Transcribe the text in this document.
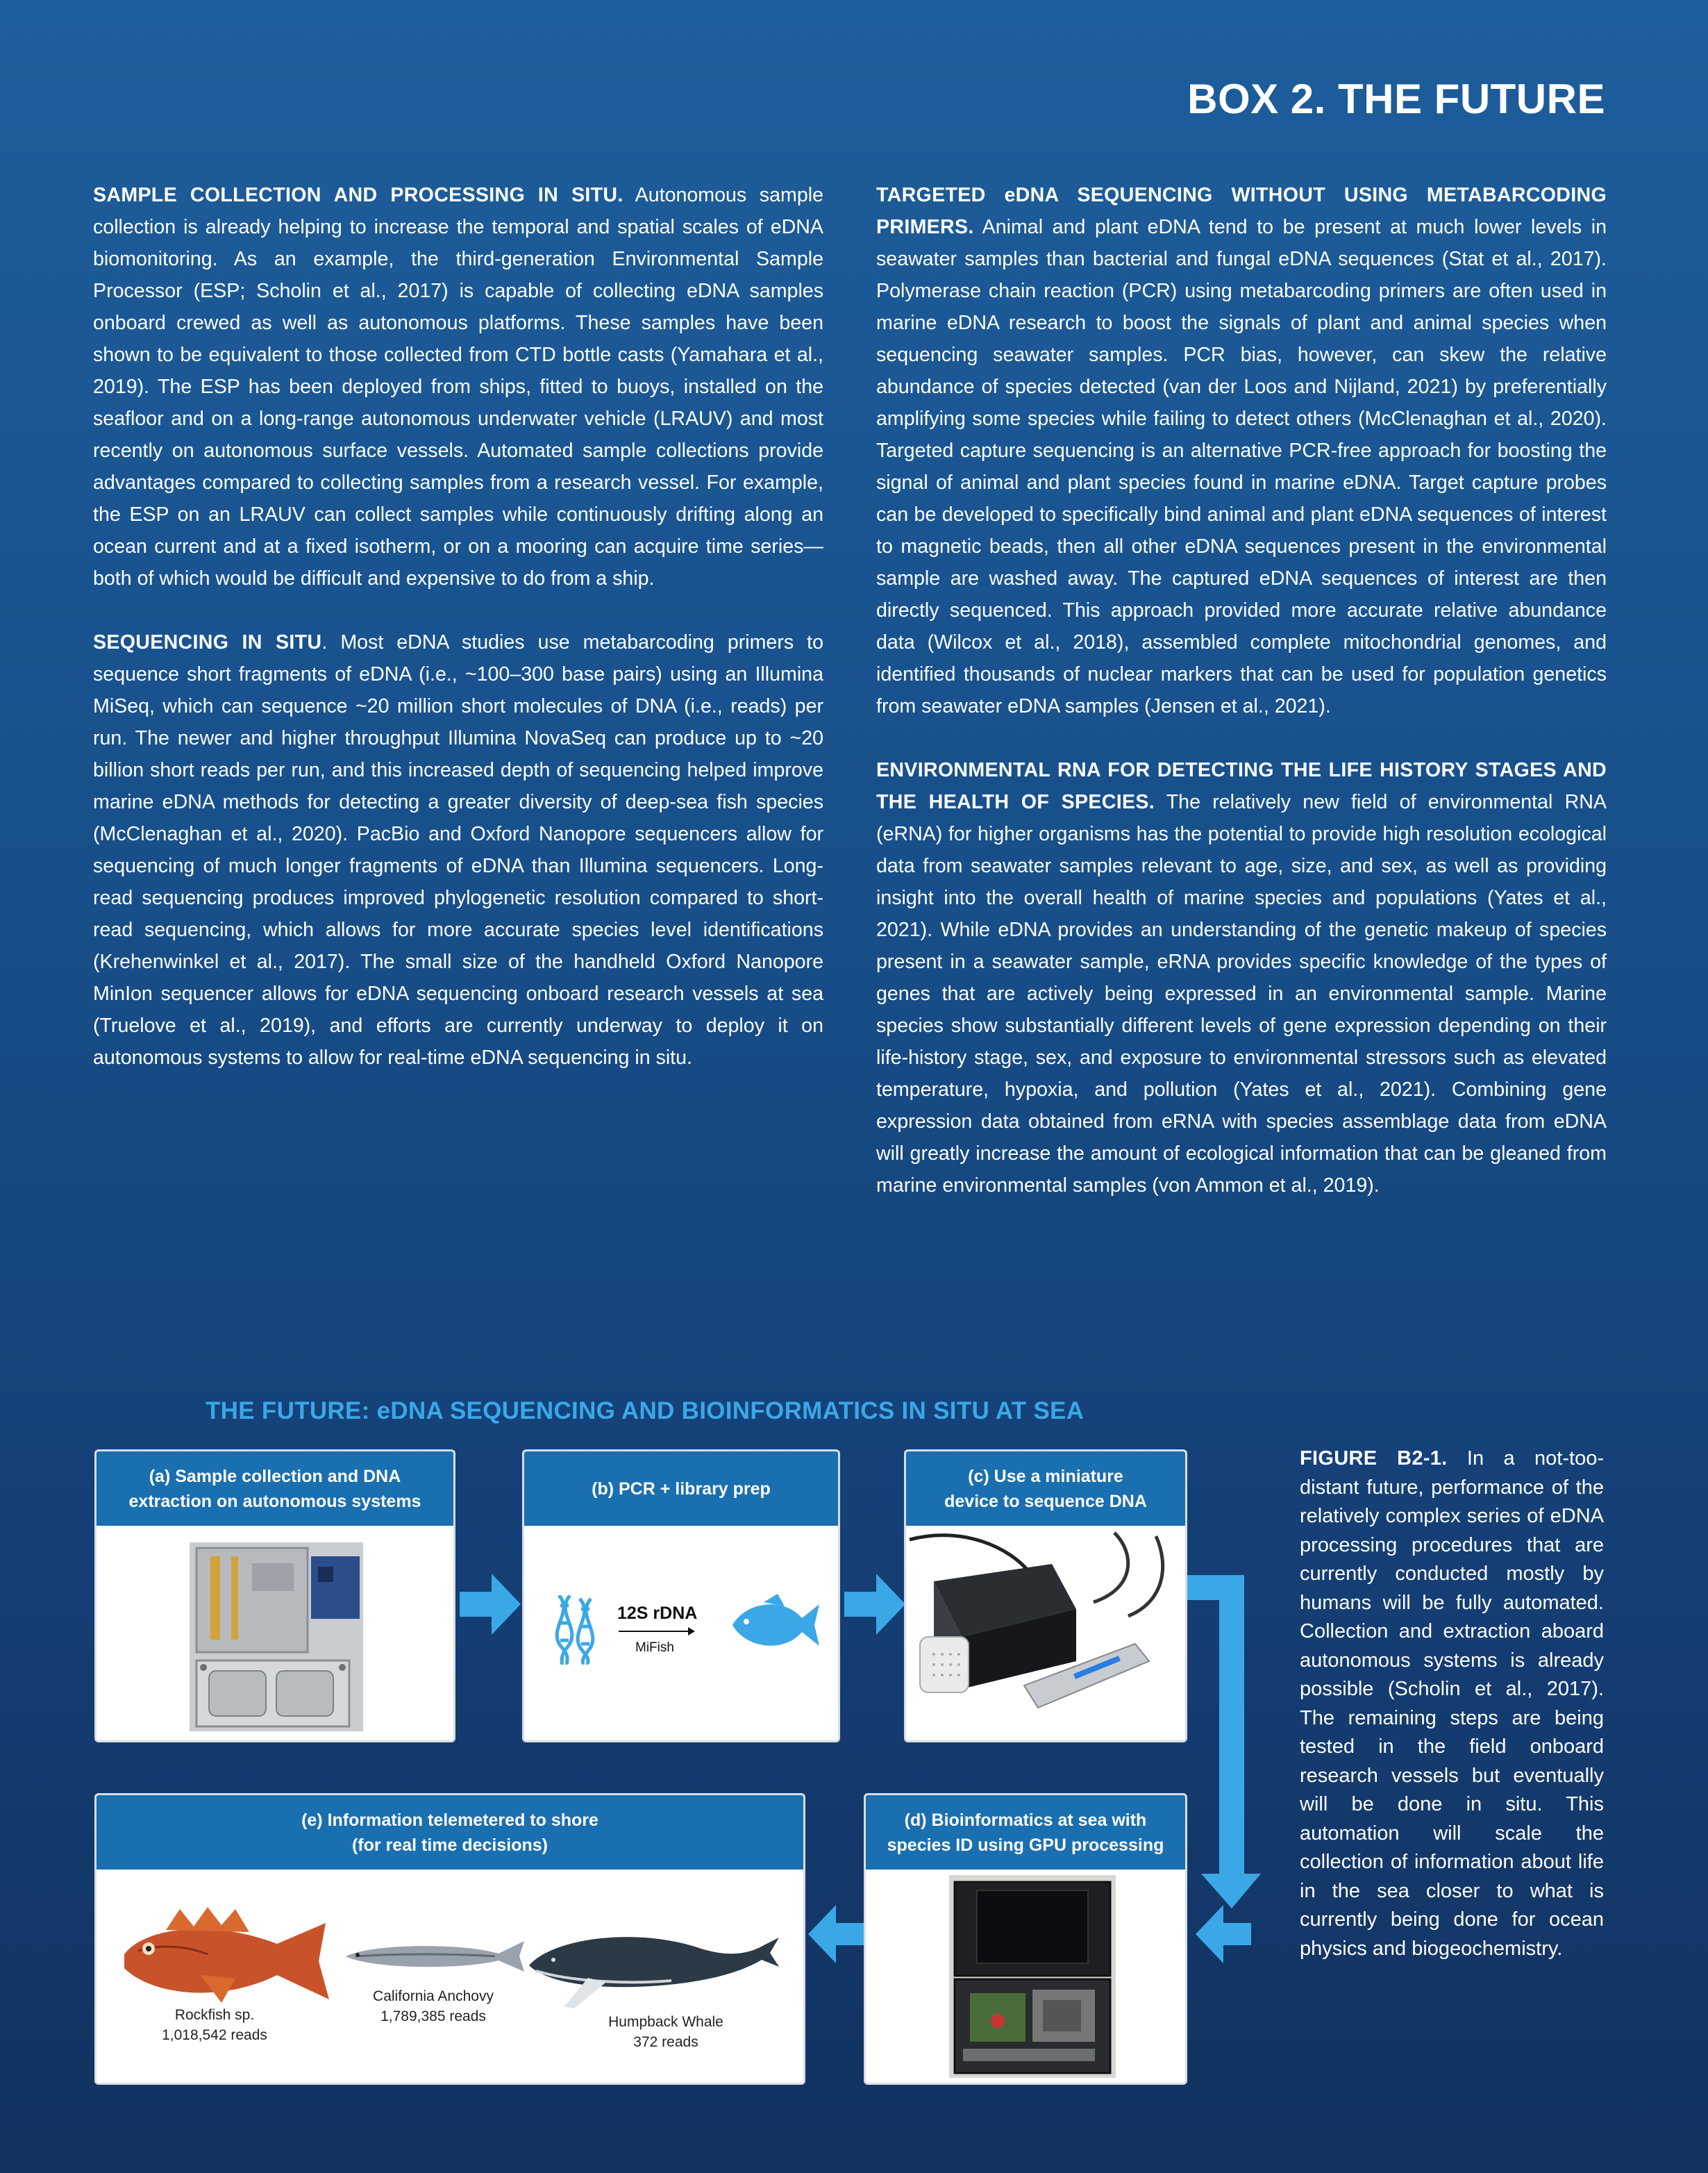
BOX 2. THE FUTURE

SAMPLE COLLECTION AND PROCESSING IN SITU. Autonomous sample collection is already helping to increase the temporal and spatial scales of eDNA biomonitoring. As an example, the third-generation Environmental Sample Processor (ESP; Scholin et al., 2017) is capable of collecting eDNA samples onboard crewed as well as autonomous platforms. These samples have been shown to be equivalent to those collected from CTD bottle casts (Yamahara et al., 2019). The ESP has been deployed from ships, fitted to buoys, installed on the seafloor and on a long-range autonomous underwater vehicle (LRAUV) and most recently on autonomous surface vessels. Automated sample collections provide advantages compared to collecting samples from a research vessel. For example, the ESP on an LRAUV can collect samples while continuously drifting along an ocean current and at a fixed isotherm, or on a mooring can acquire time series—both of which would be difficult and expensive to do from a ship.

SEQUENCING IN SITU. Most eDNA studies use metabarcoding primers to sequence short fragments of eDNA (i.e., ~100–300 base pairs) using an Illumina MiSeq, which can sequence ~20 million short molecules of DNA (i.e., reads) per run. The newer and higher throughput Illumina NovaSeq can produce up to ~20 billion short reads per run, and this increased depth of sequencing helped improve marine eDNA methods for detecting a greater diversity of deep-sea fish species (McClenaghan et al., 2020). PacBio and Oxford Nanopore sequencers allow for sequencing of much longer fragments of eDNA than Illumina sequencers. Long-read sequencing produces improved phylogenetic resolution compared to short-read sequencing, which allows for more accurate species level identifications (Krehenwinkel et al., 2017). The small size of the handheld Oxford Nanopore MinIon sequencer allows for eDNA sequencing onboard research vessels at sea (Truelove et al., 2019), and efforts are currently underway to deploy it on autonomous systems to allow for real-time eDNA sequencing in situ.

TARGETED eDNA SEQUENCING WITHOUT USING METABARCODING PRIMERS. Animal and plant eDNA tend to be present at much lower levels in seawater samples than bacterial and fungal eDNA sequences (Stat et al., 2017). Polymerase chain reaction (PCR) using metabarcoding primers are often used in marine eDNA research to boost the signals of plant and animal species when sequencing seawater samples. PCR bias, however, can skew the relative abundance of species detected (van der Loos and Nijland, 2021) by preferentially amplifying some species while failing to detect others (McClenaghan et al., 2020). Targeted capture sequencing is an alternative PCR-free approach for boosting the signal of animal and plant species found in marine eDNA. Target capture probes can be developed to specifically bind animal and plant eDNA sequences of interest to magnetic beads, then all other eDNA sequences present in the environmental sample are washed away. The captured eDNA sequences of interest are then directly sequenced. This approach provided more accurate relative abundance data (Wilcox et al., 2018), assembled complete mitochondrial genomes, and identified thousands of nuclear markers that can be used for population genetics from seawater eDNA samples (Jensen et al., 2021).

ENVIRONMENTAL RNA FOR DETECTING THE LIFE HISTORY STAGES AND THE HEALTH OF SPECIES. The relatively new field of environmental RNA (eRNA) for higher organisms has the potential to provide high resolution ecological data from seawater samples relevant to age, size, and sex, as well as providing insight into the overall health of marine species and populations (Yates et al., 2021). While eDNA provides an understanding of the genetic makeup of species present in a seawater sample, eRNA provides specific knowledge of the types of genes that are actively being expressed in an environmental sample. Marine species show substantially different levels of gene expression depending on their life-history stage, sex, and exposure to environmental stressors such as elevated temperature, hypoxia, and pollution (Yates et al., 2021). Combining gene expression data obtained from eRNA with species assemblage data from eDNA will greatly increase the amount of ecological information that can be gleaned from marine environmental samples (von Ammon et al., 2019).

THE FUTURE: eDNA SEQUENCING AND BIOINFORMATICS IN SITU AT SEA
(a) Sample collection and DNA
extraction on autonomous systems
(b) PCR + library prep
12S rDNA
MiFish
(c) Use a miniature
device to sequence DNA
(d) Bioinformatics at sea with
species ID using GPU processing
(e) Information telemetered to shore
(for real time decisions)
Rockfish sp.
1,018,542 reads
California Anchovy
1,789,385 reads	Humpback Whale
372 reads
FIGURE B2-1. In a not-too-distant future, performance of the relatively complex series of eDNA processing procedures that are currently conducted mostly by humans will be fully automated. Collection and extraction aboard autonomous systems is already possible (Scholin et al., 2017). The remaining steps are being tested in the field onboard research vessels but eventually will be done in situ. This automation will scale the collection of information about life in the sea closer to what is currently being done for ocean physics and biogeochemistry.
